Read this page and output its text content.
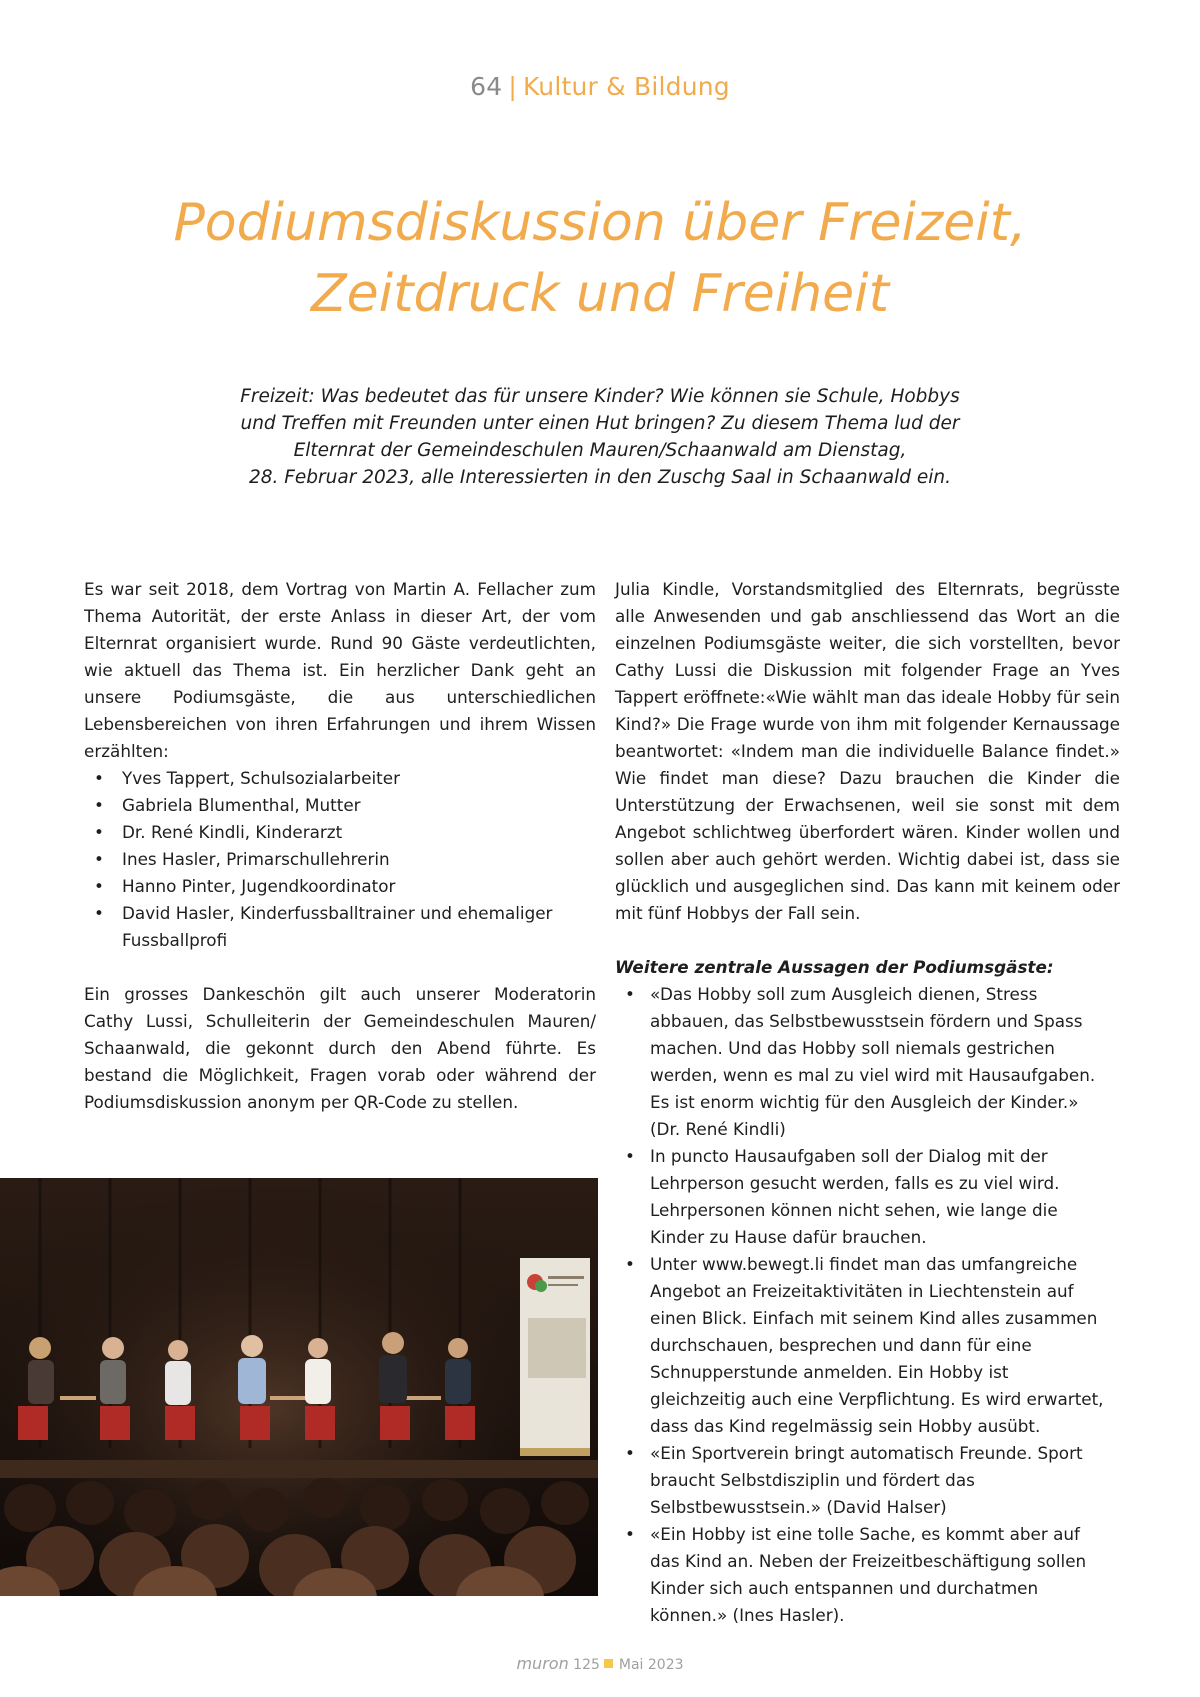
64 | Kultur & Bildung
Podiumsdiskussion über Freizeit,
Zeitdruck und Freiheit
Freizeit: Was bedeutet das für unsere Kinder? Wie können sie Schule, Hobbys
und Treffen mit Freunden unter einen Hut bringen? Zu diesem Thema lud der
Elternrat der Gemeindeschulen Mauren/Schaanwald am Dienstag,
28. Februar 2023, alle Interessierten in den Zuschg Saal in Schaanwald ein.

Es war seit 2018, dem Vortrag von Martin A. Fellacher zum Thema Autorität, der erste Anlass in dieser Art, der vom Elternrat organisiert wurde. Rund 90 Gäste verdeutlichten, wie aktuell das Thema ist. Ein herzlicher Dank geht an unsere Podiumsgäste, die aus unterschiedlichen Lebensbereichen von ihren Erfahrungen und ihrem Wissen erzählten:

• Yves Tappert, Schulsozialarbeiter
• Gabriela Blumenthal, Mutter
• Dr. René Kindli, Kinderarzt
• Ines Hasler, Primarschullehrerin
• Hanno Pinter, Jugendkoordinator
• David Hasler, Kinderfussballtrainer und ehemaliger Fussballprofi

Ein grosses Dankeschön gilt auch unserer Moderatorin Cathy Lussi, Schulleiterin der Gemeindeschulen Mauren/ Schaanwald, die gekonnt durch den Abend führte. Es bestand die Möglichkeit, Fragen vorab oder während der Podiumsdiskussion anonym per QR-Code zu stellen.

Julia Kindle, Vorstandsmitglied des Elternrats, begrüsste alle Anwesenden und gab anschliessend das Wort an die einzelnen Podiumsgäste weiter, die sich vorstellten, bevor Cathy Lussi die Diskussion mit folgender Frage an Yves Tappert eröffnete:«Wie wählt man das ideale Hobby für sein Kind?» Die Frage wurde von ihm mit folgender Kernaussage beantwortet: «Indem man die individuelle Balance findet.» Wie findet man diese? Dazu brauchen die Kinder die Unterstützung der Erwachsenen, weil sie sonst mit dem Angebot schlichtweg überfordert wären. Kinder wollen und sollen aber auch gehört werden. Wichtig dabei ist, dass sie glücklich und ausgeglichen sind. Das kann mit keinem oder mit fünf Hobbys der Fall sein.

Weitere zentrale Aussagen der Podiumsgäste:

• «Das Hobby soll zum Ausgleich dienen, Stress abbauen, das Selbstbewusstsein fördern und Spass machen. Und das Hobby soll niemals gestrichen werden, wenn es mal zu viel wird mit Hausaufgaben. Es ist enorm wichtig für den Ausgleich der Kinder.» (Dr. René Kindli)
• In puncto Hausaufgaben soll der Dialog mit der Lehrperson gesucht werden, falls es zu viel wird. Lehrpersonen können nicht sehen, wie lange die Kinder zu Hause dafür brauchen.
• Unter www.bewegt.li findet man das umfangreiche Angebot an Freizeitaktivitäten in Liechtenstein auf einen Blick. Einfach mit seinem Kind alles zusammen durchschauen, besprechen und dann für eine Schnupperstunde anmelden. Ein Hobby ist gleichzeitig auch eine Verpflichtung. Es wird erwartet, dass das Kind regelmässig sein Hobby ausübt.
• «Ein Sportverein bringt automatisch Freunde. Sport braucht Selbstdisziplin und fördert das Selbstbewusstsein.» (David Halser)
• «Ein Hobby ist eine tolle Sache, es kommt aber auf das Kind an. Neben der Freizeitbeschäftigung sollen Kinder sich auch entspannen und durchatmen können.» (Ines Hasler).
muron 125 Mai 2023
